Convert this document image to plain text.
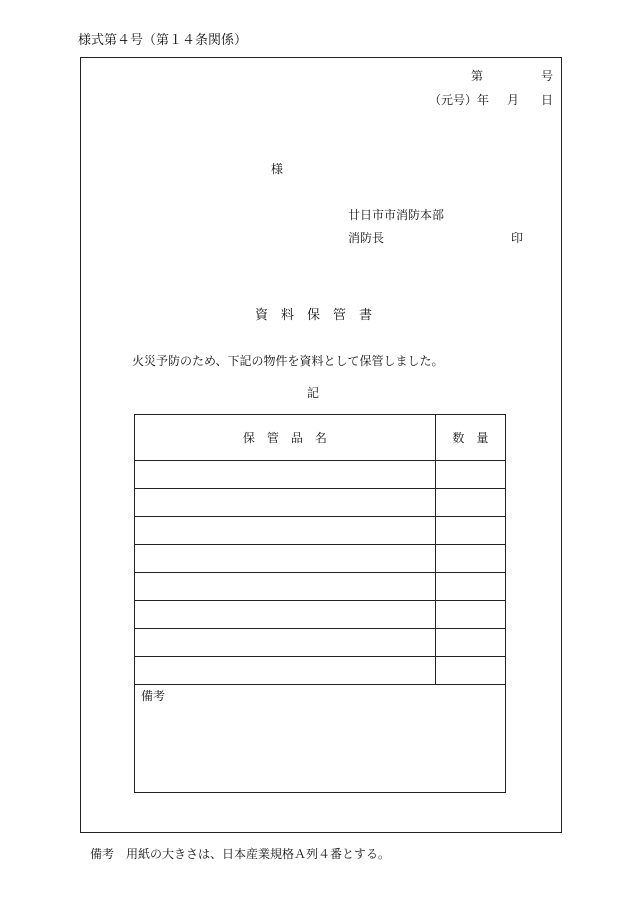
様式第４号（第１４条関係）
第	号
（元号）年 月 日
様
廿日市市消防本部
消防長	印
資　料　保　管　書
火災予防のため、下記の物件を資料として保管しました。
記
保　管　品　名	数　量

備考	
備考　用紙の大きさは、日本産業規格Ａ列４番とする。
